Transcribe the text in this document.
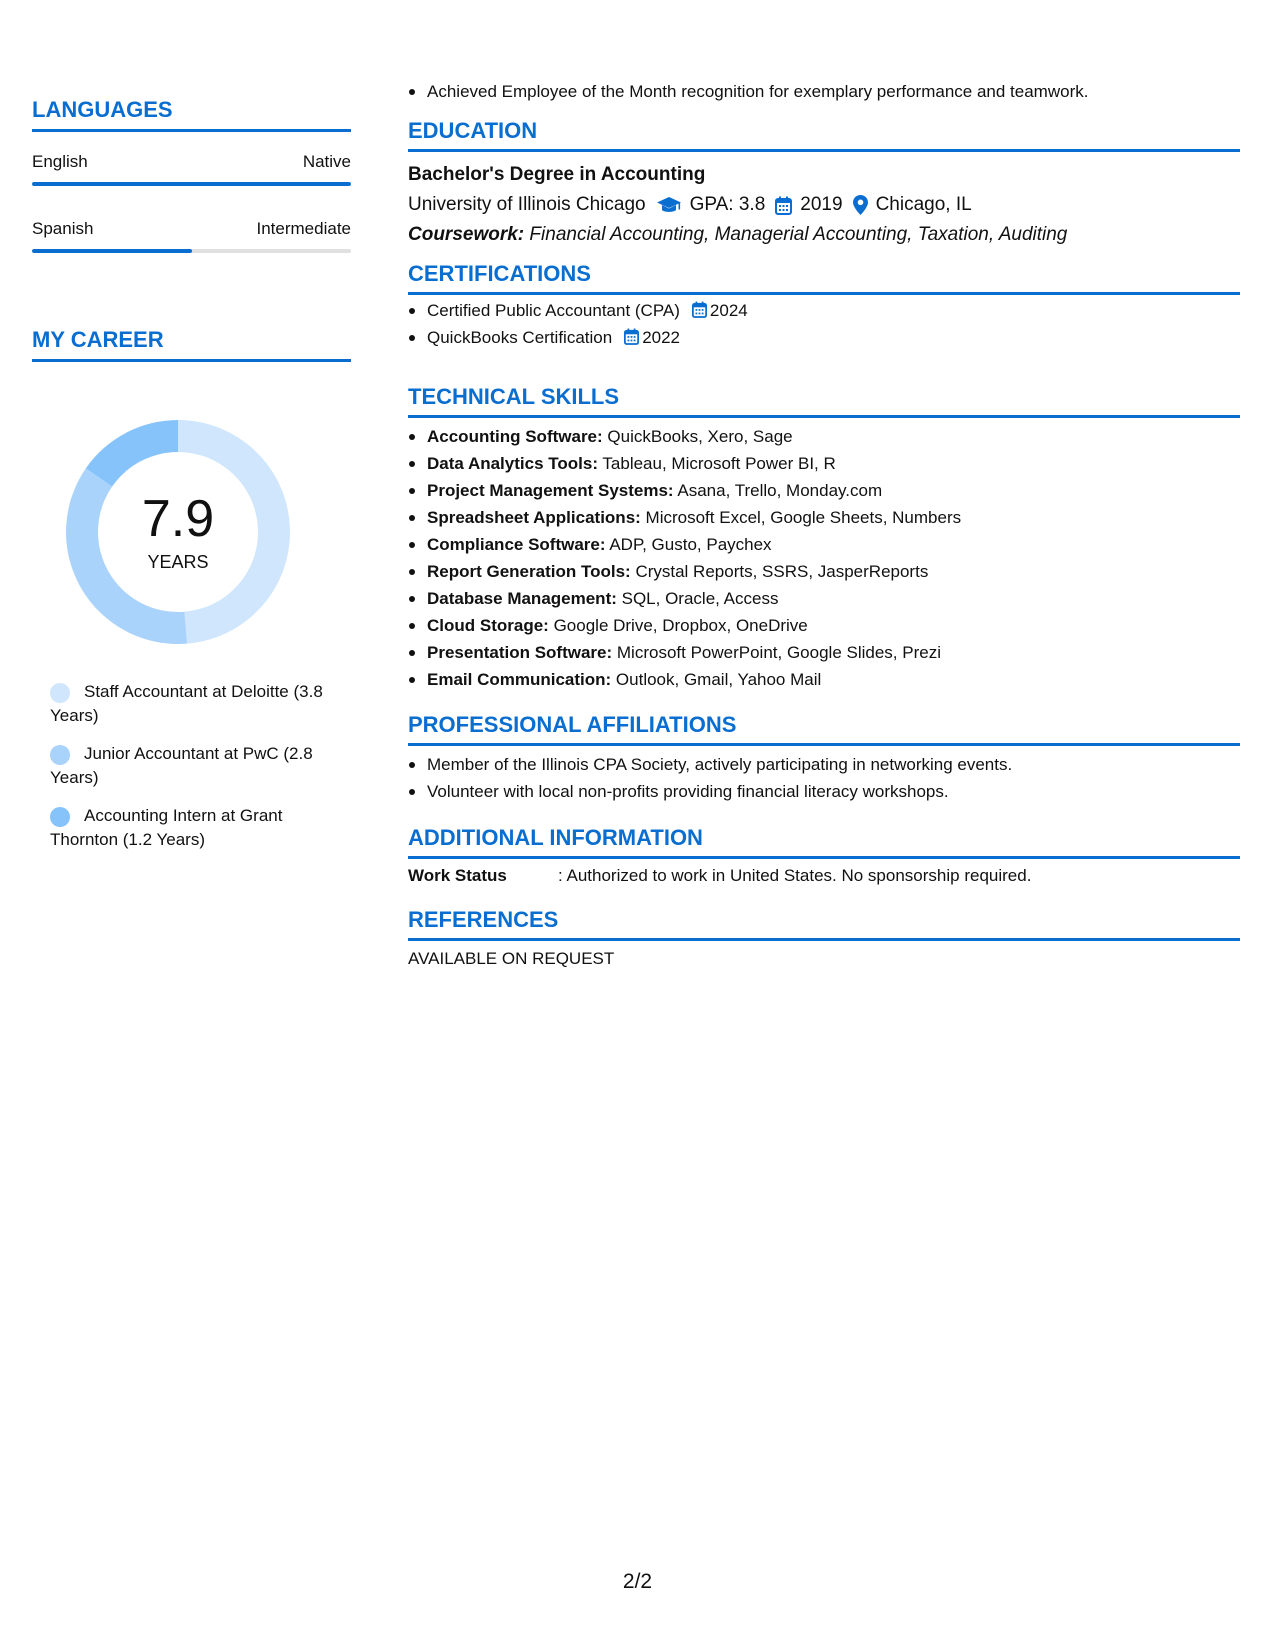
LANGUAGES
English	Native
Spanish	Intermediate
MY CAREER
7.9
YEARS
Staff Accountant at Deloitte (3.8 Years)
Junior Accountant at PwC (2.8 Years)
Accounting Intern at Grant Thornton (1.2 Years)
Achieved Employee of the Month recognition for exemplary performance and teamwork.
EDUCATION
Bachelor's Degree in Accounting
University of Illinois Chicago GPA: 3.8 2019 Chicago, IL
Coursework: Financial Accounting, Managerial Accounting, Taxation, Auditing
CERTIFICATIONS
Certified Public Accountant (CPA) 2024
QuickBooks Certification 2022
TECHNICAL SKILLS
Accounting Software: QuickBooks, Xero, Sage
Data Analytics Tools: Tableau, Microsoft Power BI, R
Project Management Systems: Asana, Trello, Monday.com
Spreadsheet Applications: Microsoft Excel, Google Sheets, Numbers
Compliance Software: ADP, Gusto, Paychex
Report Generation Tools: Crystal Reports, SSRS, JasperReports
Database Management: SQL, Oracle, Access
Cloud Storage: Google Drive, Dropbox, OneDrive
Presentation Software: Microsoft PowerPoint, Google Slides, Prezi
Email Communication: Outlook, Gmail, Yahoo Mail
PROFESSIONAL AFFILIATIONS
Member of the Illinois CPA Society, actively participating in networking events.
Volunteer with local non-profits providing financial literacy workshops.
ADDITIONAL INFORMATION
Work Status	: Authorized to work in United States. No sponsorship required.
REFERENCES
AVAILABLE ON REQUEST
2/2
